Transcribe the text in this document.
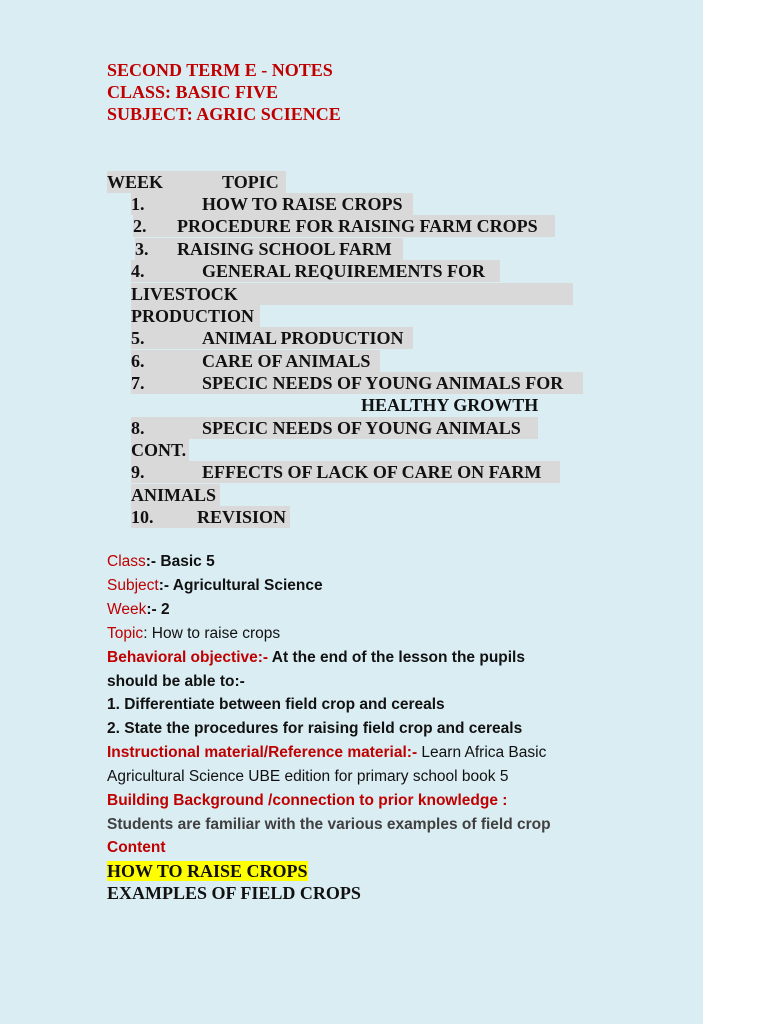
SECOND TERM E - NOTES
CLASS: BASIC FIVE
SUBJECT: AGRIC SCIENCE
WEEK	TOPIC
1.	HOW TO RAISE CROPS
2. PROCEDURE FOR RAISING FARM CROPS
3. RAISING SCHOOL FARM
4.	GENERAL REQUIREMENTS FOR
LIVESTOCK
PRODUCTION
5.	ANIMAL PRODUCTION
6.	CARE OF ANIMALS
7.	SPECIC NEEDS OF YOUNG ANIMALS FOR
HEALTHY GROWTH
8.	SPECIC NEEDS OF YOUNG ANIMALS
CONT.
9.	EFFECTS OF LACK OF CARE ON FARM
ANIMALS
10. REVISION
Class:- Basic 5
Subject:- Agricultural Science
Week:- 2
Topic: How to raise crops
Behavioral objective:- At the end of the lesson the pupils
should be able to:-
1. Differentiate between field crop and cereals
2. State the procedures for raising field crop and cereals
Instructional material/Reference material:- Learn Africa Basic
Agricultural Science UBE edition for primary school book 5
Building Background /connection to prior knowledge :
Students are familiar with the various examples of field crop
Content
HOW TO RAISE CROPS
EXAMPLES OF FIELD CROPS
